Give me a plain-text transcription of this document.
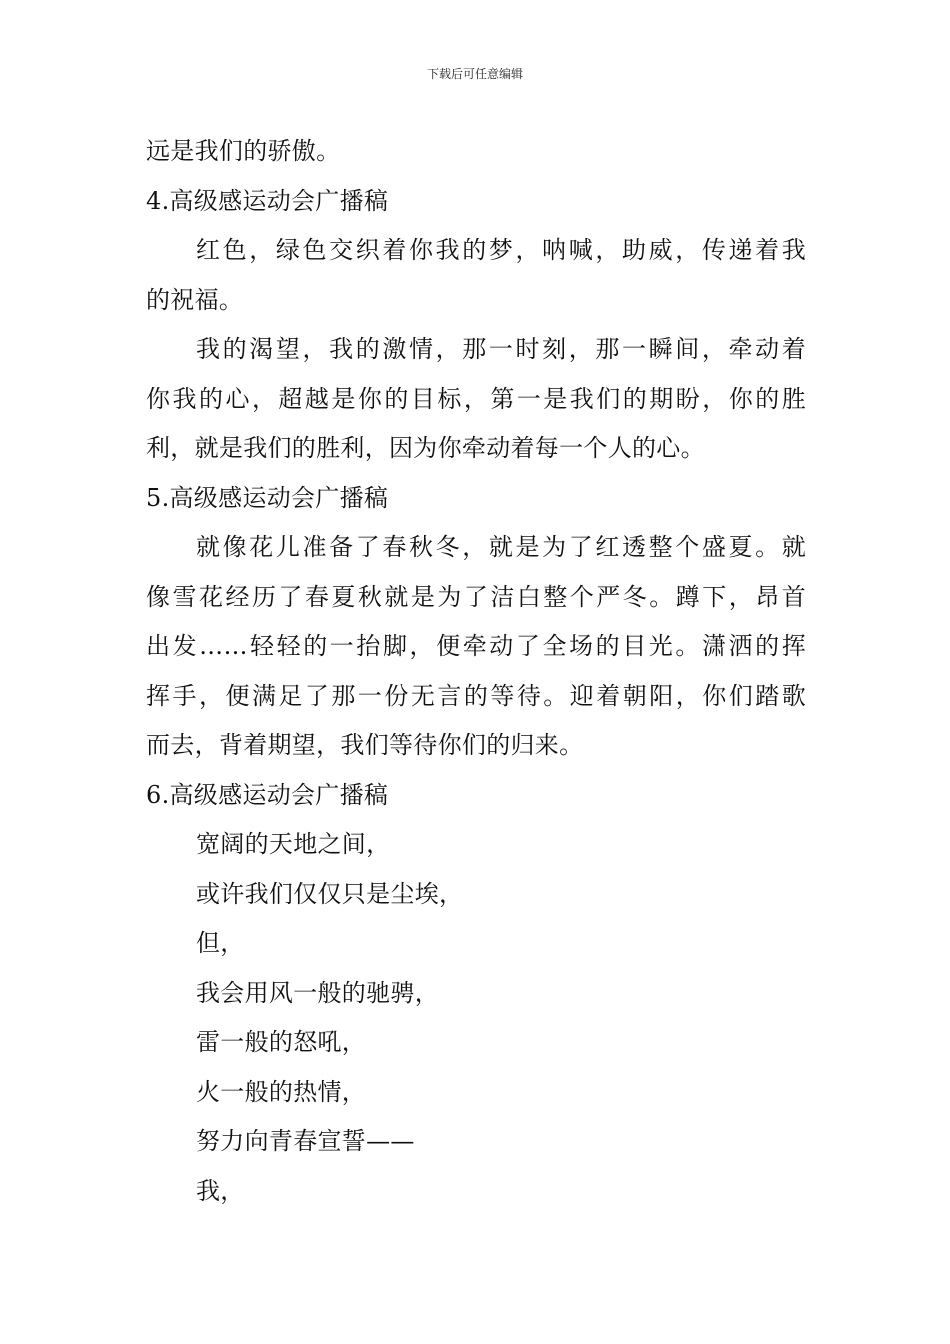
下载后可任意编辑
远是我们的骄傲。
4.高级感运动会广播稿
红色，绿色交织着你我的梦，呐喊，助威，传递着我
的祝福。
我的渴望，我的激情，那一时刻，那一瞬间，牵动着
你我的心，超越是你的目标，第一是我们的期盼，你的胜
利，就是我们的胜利，因为你牵动着每一个人的心。
5.高级感运动会广播稿
就像花儿准备了春秋冬，就是为了红透整个盛夏。就
像雪花经历了春夏秋就是为了洁白整个严冬。蹲下，昂首
出发……轻轻的一抬脚，便牵动了全场的目光。潇洒的挥
挥手，便满足了那一份无言的等待。迎着朝阳，你们踏歌
而去，背着期望，我们等待你们的归来。
6.高级感运动会广播稿
宽阔的天地之间，
或许我们仅仅只是尘埃，
但，
我会用风一般的驰骋，
雷一般的怒吼，
火一般的热情，
努力向青春宣誓——
我，
